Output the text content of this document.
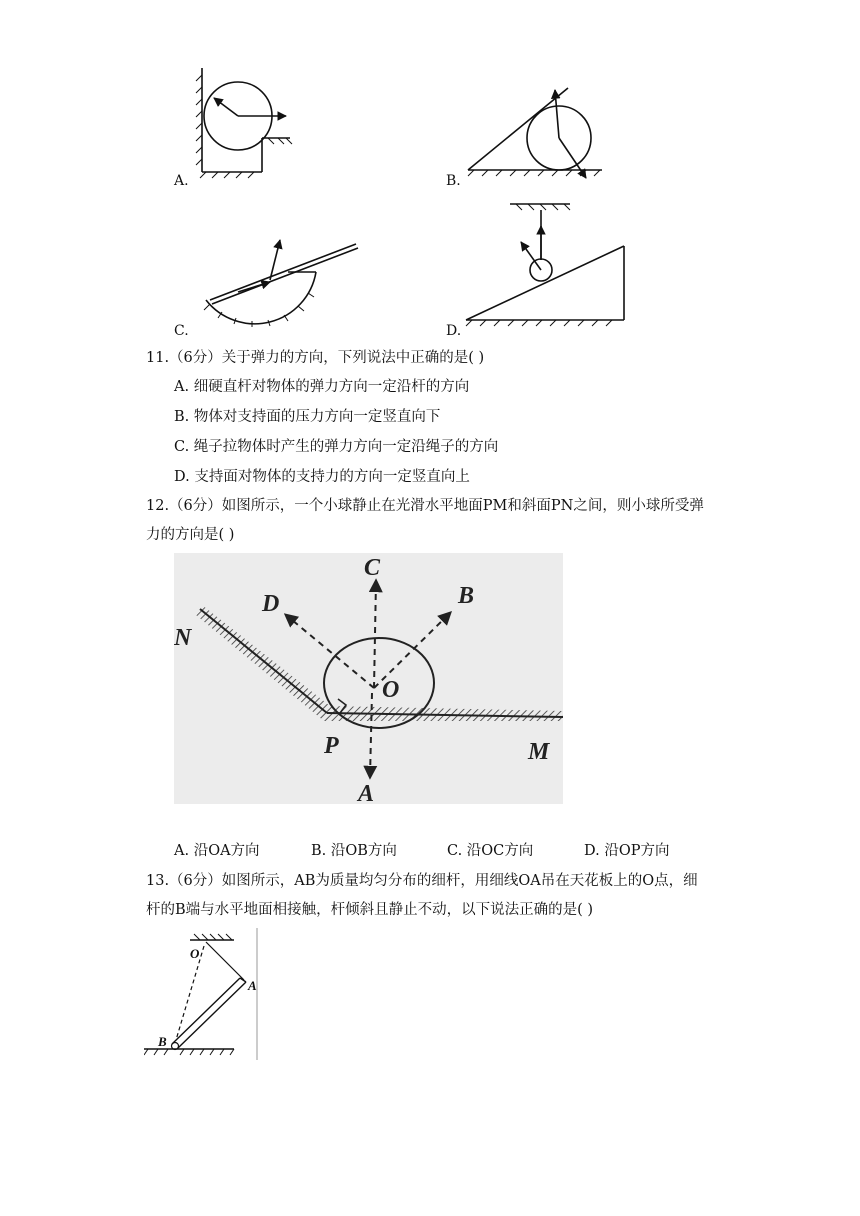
A.	B.
C.	D.
11.（6分）关于弹力的方向，下列说法中正确的是( )
A. 细硬直杆对物体的弹力方向一定沿杆的方向
B. 物体对支持面的压力方向一定竖直向下
C. 绳子拉物体时产生的弹力方向一定沿绳子的方向
D. 支持面对物体的支持力的方向一定竖直向上
12.（6分）如图所示，一个小球静止在光滑水平地面PM和斜面PN之间，则小球所受弹
力的方向是( )
C
B
D
N
O
P	M
A
A. 沿OA方向	B. 沿OB方向	C. 沿OC方向	D. 沿OP方向
13.（6分）如图所示，AB为质量均匀分布的细杆，用细线OA吊在天花板上的O点，细
杆的B端与水平地面相接触，杆倾斜且静止不动，以下说法正确的是( )
O
A
B
